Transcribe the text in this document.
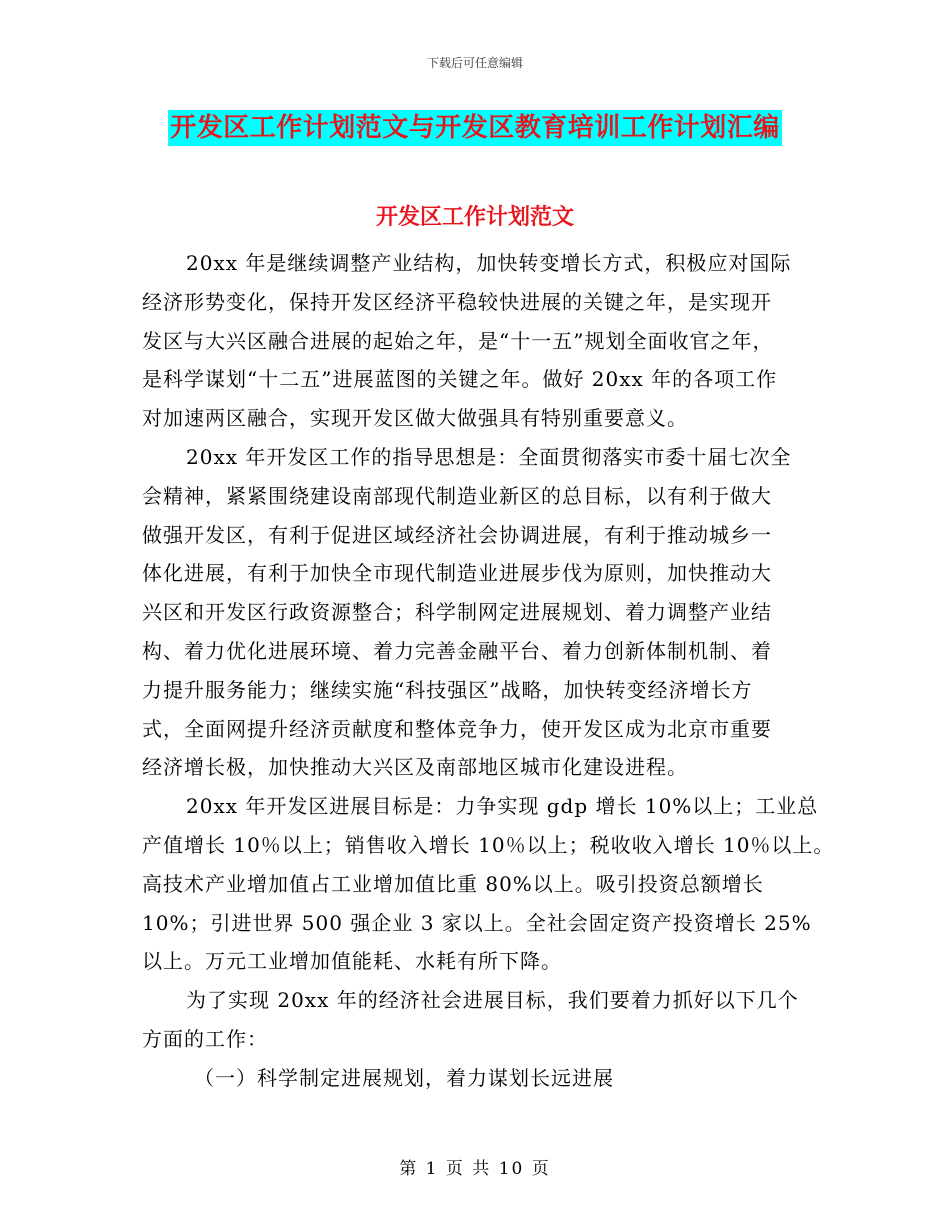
下载后可任意编辑
开发区工作计划范文与开发区教育培训工作计划汇编
开发区工作计划范文
20xx 年是继续调整产业结构，加快转变增长方式，积极应对国际
经济形势变化，保持开发区经济平稳较快进展的关键之年，是实现开
发区与大兴区融合进展的起始之年，是“十一五”规划全面收官之年，
是科学谋划“十二五”进展蓝图的关键之年。做好 20xx 年的各项工作
对加速两区融合，实现开发区做大做强具有特别重要意义。
20xx 年开发区工作的指导思想是：全面贯彻落实市委十届七次全
会精神，紧紧围绕建设南部现代制造业新区的总目标，以有利于做大
做强开发区，有利于促进区域经济社会协调进展，有利于推动城乡一
体化进展，有利于加快全市现代制造业进展步伐为原则，加快推动大
兴区和开发区行政资源整合；科学制网定进展规划、着力调整产业结
构、着力优化进展环境、着力完善金融平台、着力创新体制机制、着
力提升服务能力；继续实施“科技强区”战略，加快转变经济增长方
式，全面网提升经济贡献度和整体竞争力，使开发区成为北京市重要
经济增长极，加快推动大兴区及南部地区城市化建设进程。
20xx 年开发区进展目标是：力争实现 gdp 增长 10%以上；工业总
产值增长 10％以上；销售收入增长 10％以上；税收收入增长 10％以上。
高技术产业增加值占工业增加值比重 80%以上。吸引投资总额增长
10%；引进世界 500 强企业 3 家以上。全社会固定资产投资增长 25%
以上。万元工业增加值能耗、水耗有所下降。
为了实现 20xx 年的经济社会进展目标，我们要着力抓好以下几个
方面的工作：
（一）科学制定进展规划，着力谋划长远进展
第 1 页 共 10 页
